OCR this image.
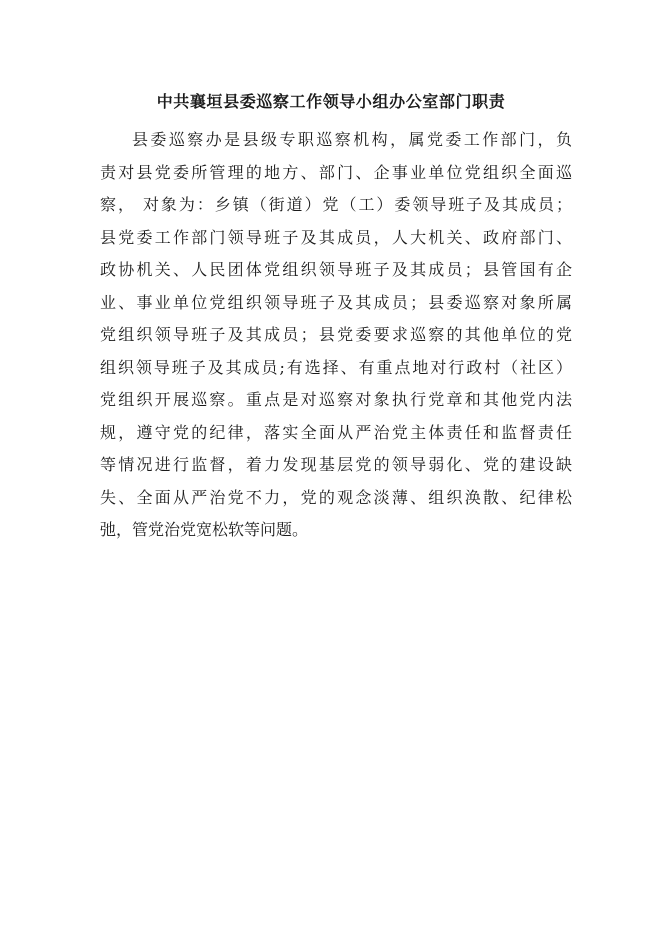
中共襄垣县委巡察工作领导小组办公室部门职责
县委巡察办是县级专职巡察机构，属党委工作部门，负
责对县党委所管理的地方、部门、企事业单位党组织全面巡
察， 对象为：乡镇（街道）党（工）委领导班子及其成员；
县党委工作部门领导班子及其成员，人大机关、政府部门、
政协机关、人民团体党组织领导班子及其成员；县管国有企
业、事业单位党组织领导班子及其成员；县委巡察对象所属
党组织领导班子及其成员；县党委要求巡察的其他单位的党
组织领导班子及其成员;有选择、有重点地对行政村（社区）
党组织开展巡察。重点是对巡察对象执行党章和其他党内法
规，遵守党的纪律，落实全面从严治党主体责任和监督责任
等情况进行监督，着力发现基层党的领导弱化、党的建设缺
失、全面从严治党不力，党的观念淡薄、组织涣散、纪律松
弛，管党治党宽松软等问题。
